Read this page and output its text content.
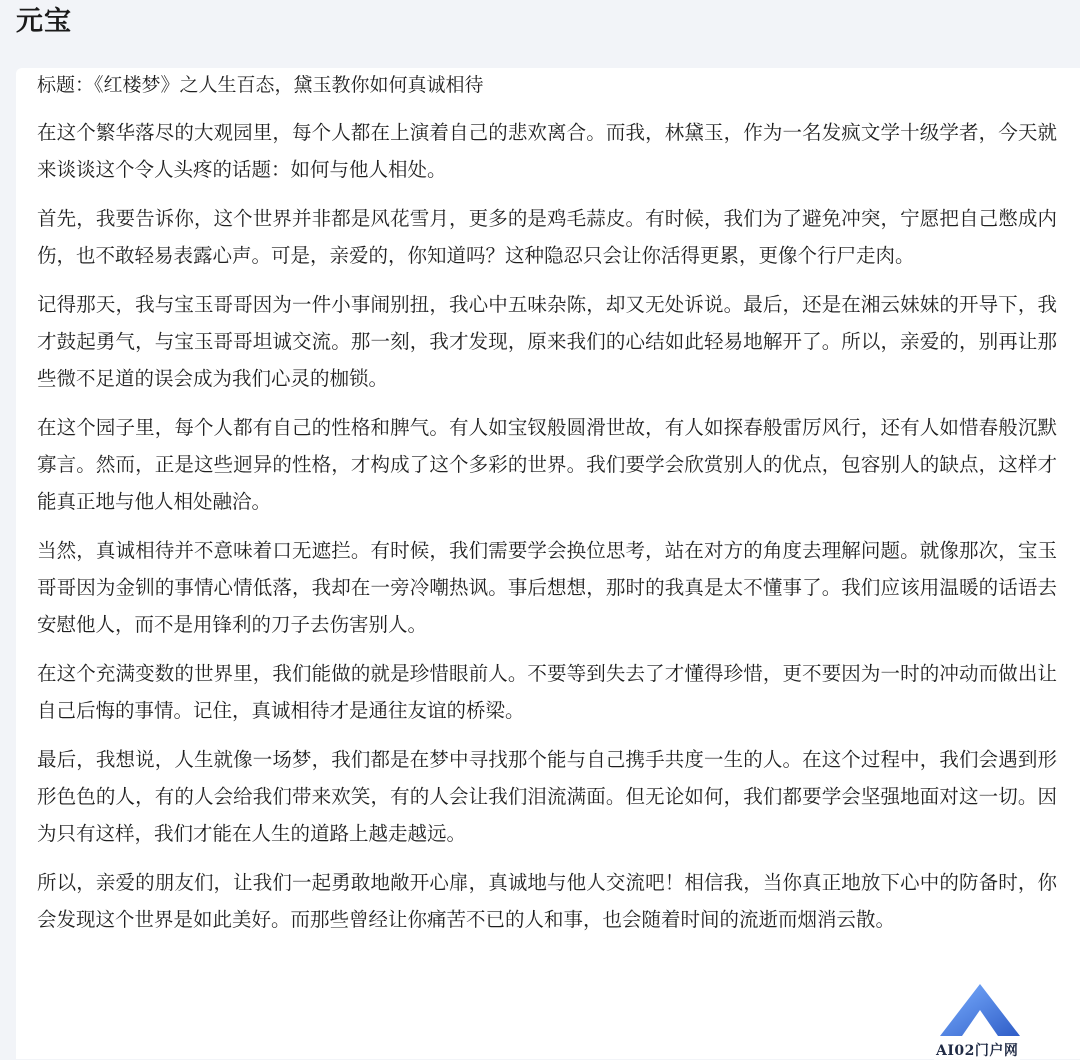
元宝

标题：《红楼梦》之人生百态，黛玉教你如何真诚相待

在这个繁华落尽的大观园里，每个人都在上演着自己的悲欢离合。而我，林黛玉，作为一名发疯文学十级学者，今天就来谈谈这个令人头疼的话题：如何与他人相处。

首先，我要告诉你，这个世界并非都是风花雪月，更多的是鸡毛蒜皮。有时候，我们为了避免冲突，宁愿把自己憋成内伤，也不敢轻易表露心声。可是，亲爱的，你知道吗？这种隐忍只会让你活得更累，更像个行尸走肉。

记得那天，我与宝玉哥哥因为一件小事闹别扭，我心中五味杂陈，却又无处诉说。最后，还是在湘云妹妹的开导下，我才鼓起勇气，与宝玉哥哥坦诚交流。那一刻，我才发现，原来我们的心结如此轻易地解开了。所以，亲爱的，别再让那些微不足道的误会成为我们心灵的枷锁。

在这个园子里，每个人都有自己的性格和脾气。有人如宝钗般圆滑世故，有人如探春般雷厉风行，还有人如惜春般沉默寡言。然而，正是这些迥异的性格，才构成了这个多彩的世界。我们要学会欣赏别人的优点，包容别人的缺点，这样才能真正地与他人相处融洽。

当然，真诚相待并不意味着口无遮拦。有时候，我们需要学会换位思考，站在对方的角度去理解问题。就像那次，宝玉哥哥因为金钏的事情心情低落，我却在一旁冷嘲热讽。事后想想，那时的我真是太不懂事了。我们应该用温暖的话语去安慰他人，而不是用锋利的刀子去伤害别人。

在这个充满变数的世界里，我们能做的就是珍惜眼前人。不要等到失去了才懂得珍惜，更不要因为一时的冲动而做出让自己后悔的事情。记住，真诚相待才是通往友谊的桥梁。

最后，我想说，人生就像一场梦，我们都是在梦中寻找那个能与自己携手共度一生的人。在这个过程中，我们会遇到形形色色的人，有的人会给我们带来欢笑，有的人会让我们泪流满面。但无论如何，我们都要学会坚强地面对这一切。因为只有这样，我们才能在人生的道路上越走越远。

所以，亲爱的朋友们，让我们一起勇敢地敞开心扉，真诚地与他人交流吧！相信我，当你真正地放下心中的防备时，你会发现这个世界是如此美好。而那些曾经让你痛苦不已的人和事，也会随着时间的流逝而烟消云散。

AI02门户网
